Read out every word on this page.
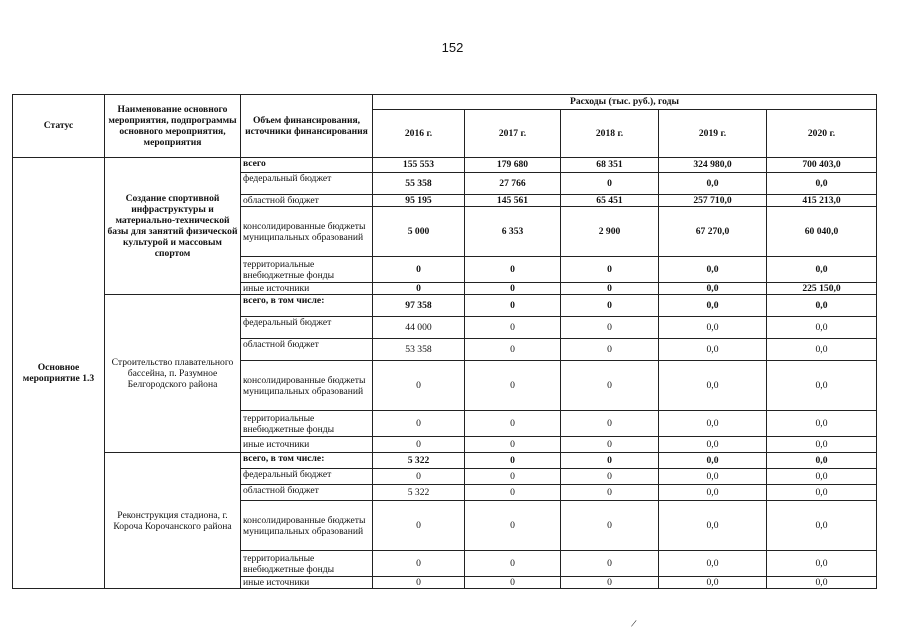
152
Статус	Наименование основного мероприятия, подпрограммы основного мероприятия, мероприятия	Объем финансирования, источники финансирования	Расходы (тыс. руб.), годы				
			2016 г.	2017 г.	2018 г.	2019 г.	2020 г.
Основное мероприятие 1.3	Создание спортивной инфраструктуры и материально-технической базы для занятий физической культурой и массовым спортом	всего	155 553	179 680	68 351	324 980,0	700 403,0
		федеральный бюджет	55 358	27 766	0	0,0	0,0
		областной бюджет	95 195	145 561	65 451	257 710,0	415 213,0
		консолидированные бюджеты муниципальных образований	5 000	6 353	2 900	67 270,0	60 040,0
		территориальные внебюджетные фонды	0	0	0	0,0	0,0
		иные источники	0	0	0	0,0	225 150,0
	Строительство плавательного бассейна, п. Разумное Белгородского района	всего, в том числе:	97 358	0	0	0,0	0,0
		федеральный бюджет	44 000	0	0	0,0	0,0
		областной бюджет	53 358	0	0	0,0	0,0
		консолидированные бюджеты муниципальных образований	0	0	0	0,0	0,0
		территориальные внебюджетные фонды	0	0	0	0,0	0,0
		иные источники	0	0	0	0,0	0,0
	Реконструкция стадиона, г. Короча Корочанского района	всего, в том числе:	5 322	0	0	0,0	0,0
		федеральный бюджет	0	0	0	0,0	0,0
		областной бюджет	5 322	0	0	0,0	0,0
		консолидированные бюджеты муниципальных образований	0	0	0	0,0	0,0
		территориальные внебюджетные фонды	0	0	0	0,0	0,0
		иные источники	0	0	0	0,0	0,0
/
